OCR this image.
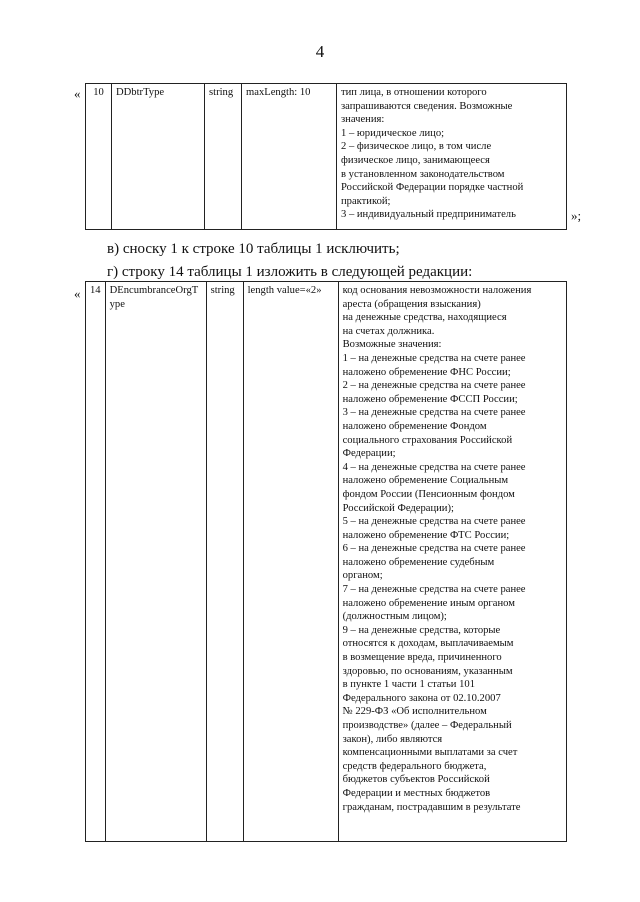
4
« 10	DDbtrType	string	maxLength: 10	тип лица, в отношении которого
запрашиваются сведения. Возможные
значения:
1 – юридическое лицо;
2 – физическое лицо, в том числе
физическое лицо, занимающееся
в установленном законодательством
Российской Федерации порядке частной
практикой;
3 – индивидуальный предприниматель	»;
в) сноску 1 к строке 10 таблицы 1 исключить;
г) строку 14 таблицы 1 изложить в следующей редакции:
« 14	DEncumbranceOrgT
ype
	string	length value=«2»	код основания невозможности наложения
ареста (обращения взыскания)
на денежные средства, находящиеся
на счетах должника.
Возможные значения:
1 – на денежные средства на счете ранее
наложено обременение ФНС России;
2 – на денежные средства на счете ранее
наложено обременение ФССП России;
3 – на денежные средства на счете ранее
наложено обременение Фондом
социального страхования Российской
Федерации;
4 – на денежные средства на счете ранее
наложено обременение Социальным
фондом России (Пенсионным фондом
Российской Федерации);
5 – на денежные средства на счете ранее
наложено обременение ФТС России;
6 – на денежные средства на счете ранее
наложено обременение судебным
органом;
7 – на денежные средства на счете ранее
наложено обременение иным органом
(должностным лицом);
9 – на денежные средства, которые
относятся к доходам, выплачиваемым
в возмещение вреда, причиненного
здоровью, по основаниям, указанным
в пункте 1 части 1 статьи 101
Федерального закона от 02.10.2007
№ 229-ФЗ «Об исполнительном
производстве» (далее – Федеральный
закон), либо являются
компенсационными выплатами за счет
средств федерального бюджета,
бюджетов субъектов Российской
Федерации и местных бюджетов
гражданам, пострадавшим в результате
